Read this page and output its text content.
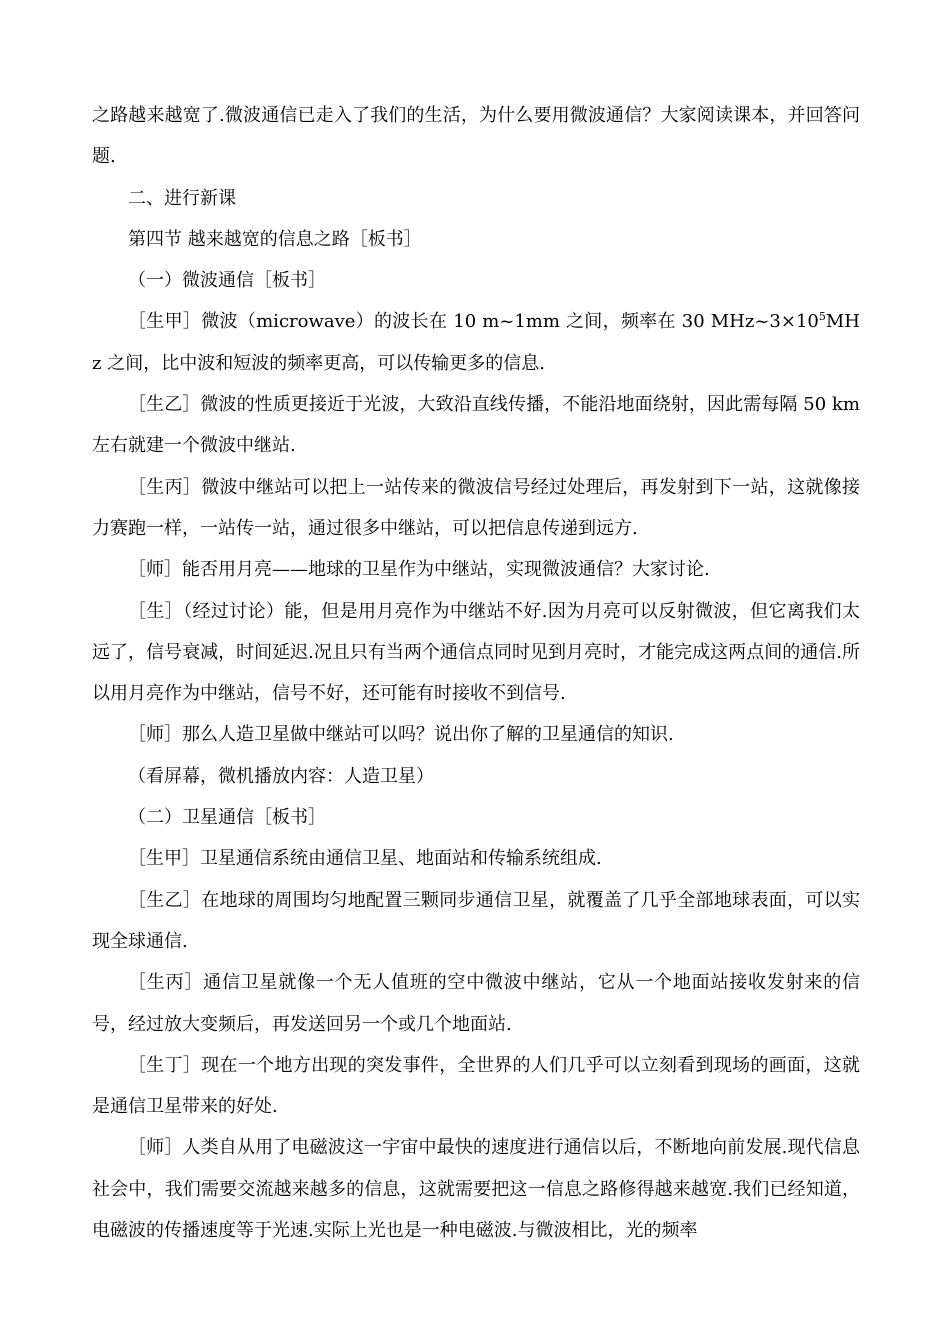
之路越来越宽了.微波通信已走入了我们的生活，为什么要用微波通信？大家阅读课本，并回答问题.

二、进行新课

第四节 越来越宽的信息之路［板书］

（一）微波通信［板书］

［生甲］微波（microwave）的波长在 10 m~1mm 之间，频率在 30 $MHz\sim 3\times 10^5MHz$ 之间，比中波和短波的频率更高，可以传输更多的信息.

［生乙］微波的性质更接近于光波，大致沿直线传播，不能沿地面绕射，因此需每隔 50 km 左右就建一个微波中继站.

［生丙］微波中继站可以把上一站传来的微波信号经过处理后，再发射到下一站，这就像接力赛跑一样，一站传一站，通过很多中继站，可以把信息传递到远方.

［师］能否用月亮——地球的卫星作为中继站，实现微波通信？大家讨论.

［生］（经过讨论）能，但是用月亮作为中继站不好.因为月亮可以反射微波，但它离我们太远了，信号衰减，时间延迟.况且只有当两个通信点同时见到月亮时，才能完成这两点间的通信.所以用月亮作为中继站，信号不好，还可能有时接收不到信号.

［师］那么人造卫星做中继站可以吗？说出你了解的卫星通信的知识.

（看屏幕，微机播放内容：人造卫星）

（二）卫星通信［板书］

［生甲］卫星通信系统由通信卫星、地面站和传输系统组成.

［生乙］在地球的周围均匀地配置三颗同步通信卫星，就覆盖了几乎全部地球表面，可以实现全球通信.

［生丙］通信卫星就像一个无人值班的空中微波中继站，它从一个地面站接收发射来的信号，经过放大变频后，再发送回另一个或几个地面站.

［生丁］现在一个地方出现的突发事件，全世界的人们几乎可以立刻看到现场的画面，这就是通信卫星带来的好处.

［师］人类自从用了电磁波这一宇宙中最快的速度进行通信以后，不断地向前发展.现代信息社会中，我们需要交流越来越多的信息，这就需要把这一信息之路修得越来越宽.我们已经知道，电磁波的传播速度等于光速.实际上光也是一种电磁波.与微波相比，光的频率
